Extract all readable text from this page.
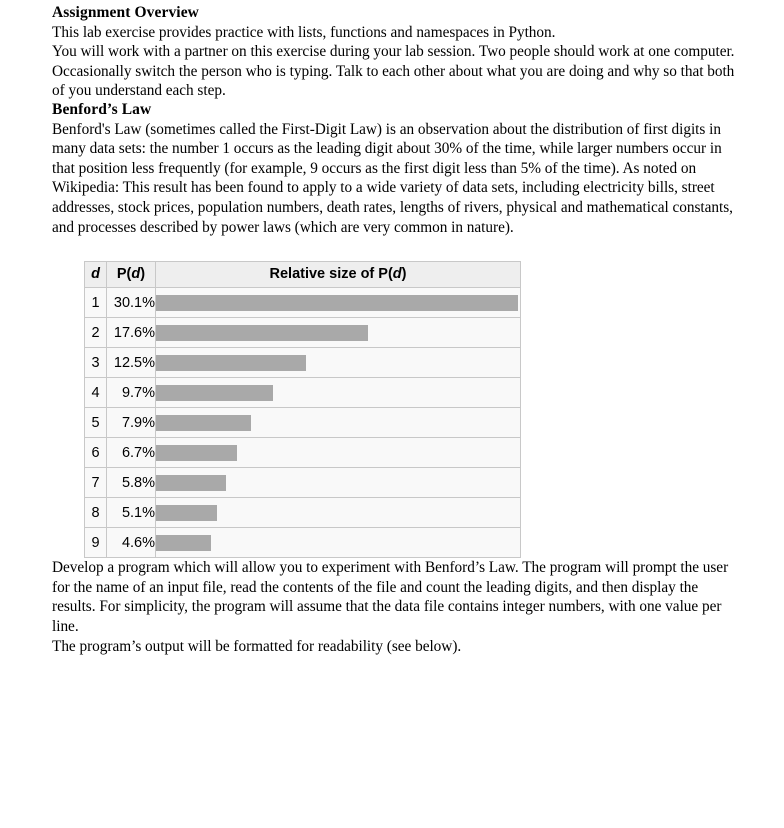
Assignment Overview

This lab exercise provides practice with lists, functions and namespaces in Python.

You will work with a partner on this exercise during your lab session. Two people should work at one computer. Occasionally switch the person who is typing. Talk to each other about what you are doing and why so that both of you understand each step.

Benford’s Law

Benford's Law (sometimes called the First-Digit Law) is an observation about the distribution of first digits in many data sets: the number 1 occurs as the leading digit about 30% of the time, while larger numbers occur in that position less frequently (for example, 9 occurs as the first digit less than 5% of the time). As noted on Wikipedia: This result has been found to apply to a wide variety of data sets, including electricity bills, street addresses, stock prices, population numbers, death rates, lengths of rivers, physical and mathematical constants, and processes described by power laws (which are very common in nature).

d	P(d)	Relative size of P(d)
1	30.1%	

2	17.6%	

3	12.5%	

4	9.7%	

5	7.9%	

6	6.7%	

7	5.8%	

8	5.1%	

9	4.6%	

Develop a program which will allow you to experiment with Benford’s Law. The program will prompt the user for the name of an input file, read the contents of the file and count the leading digits, and then display the results. For simplicity, the program will assume that the data file contains integer numbers, with one value per line.

The program’s output will be formatted for readability (see below).
